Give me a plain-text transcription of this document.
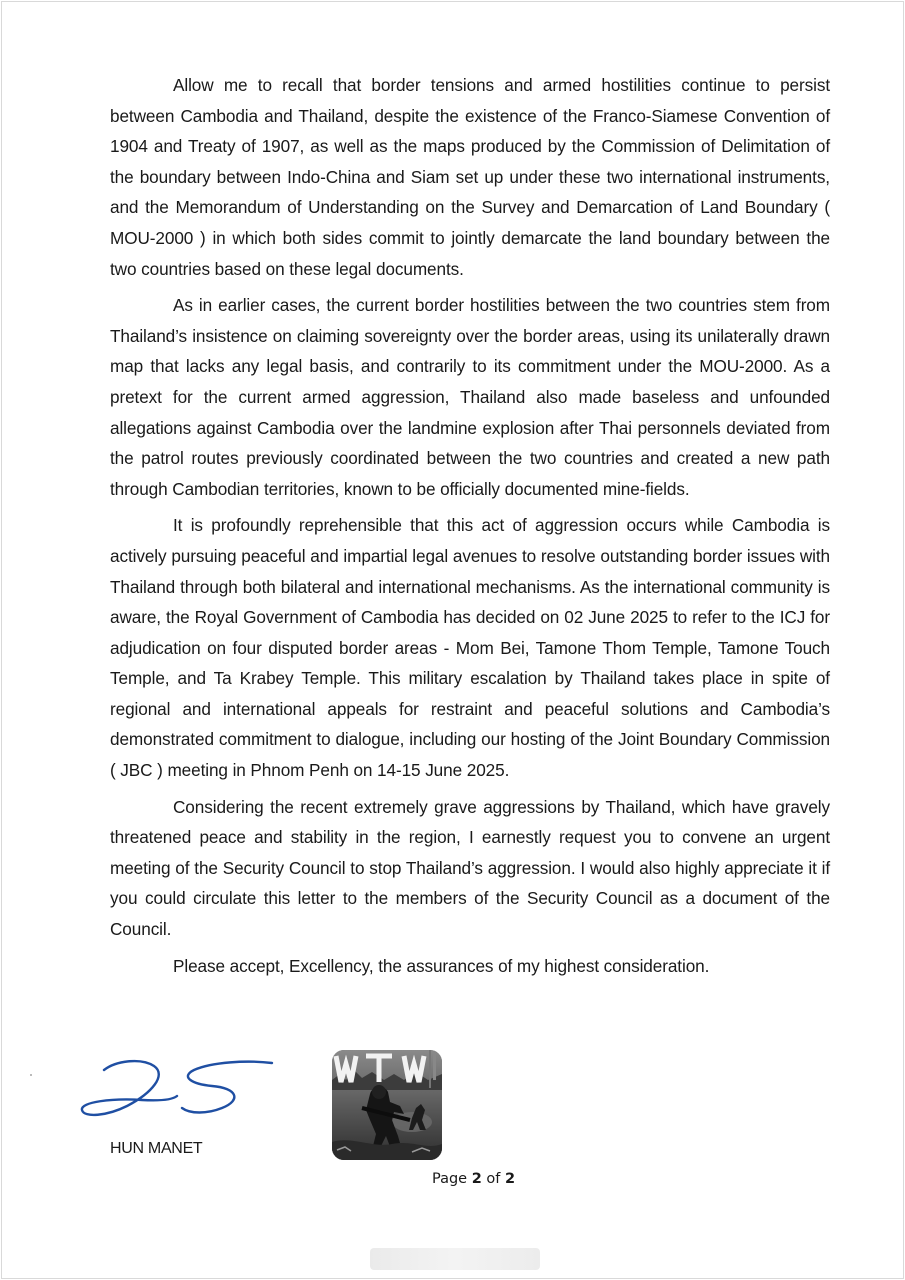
Allow me to recall that border tensions and armed hostilities continue to persist between Cambodia and Thailand, despite the existence of the Franco-Siamese Convention of 1904 and Treaty of 1907, as well as the maps produced by the Commission of Delimitation of the boundary between Indo-China and Siam set up under these two international instruments, and the Memorandum of Understanding on the Survey and Demarcation of Land Boundary ( MOU-2000 ) in which both sides commit to jointly demarcate the land boundary between the two countries based on these legal documents.

As in earlier cases, the current border hostilities between the two countries stem from Thailand’s insistence on claiming sovereignty over the border areas, using its unilaterally drawn map that lacks any legal basis, and contrarily to its commitment under the MOU-2000. As a pretext for the current armed aggression, Thailand also made baseless and unfounded allegations against Cambodia over the landmine explosion after Thai personnels deviated from the patrol routes previously coordinated between the two countries and created a new path through Cambodian territories, known to be officially documented mine-fields.

It is profoundly reprehensible that this act of aggression occurs while Cambodia is actively pursuing peaceful and impartial legal avenues to resolve outstanding border issues with Thailand through both bilateral and international mechanisms. As the international community is aware, the Royal Government of Cambodia has decided on 02 June 2025 to refer to the ICJ for adjudication on four disputed border areas - Mom Bei, Tamone Thom Temple, Tamone Touch Temple, and Ta Krabey Temple. This military escalation by Thailand takes place in spite of regional and international appeals for restraint and peaceful solutions and Cambodia’s demonstrated commitment to dialogue, including our hosting of the Joint Boundary Commission ( JBC ) meeting in Phnom Penh on 14-15 June 2025.

Considering the recent extremely grave aggressions by Thailand, which have gravely threatened peace and stability in the region, I earnestly request you to convene an urgent meeting of the Security Council to stop Thailand’s aggression. I would also highly appreciate it if you could circulate this letter to the members of the Security Council as a document of the Council.

Please accept, Excellency, the assurances of my highest consideration.

HUN MANET
Page 2 of 2
